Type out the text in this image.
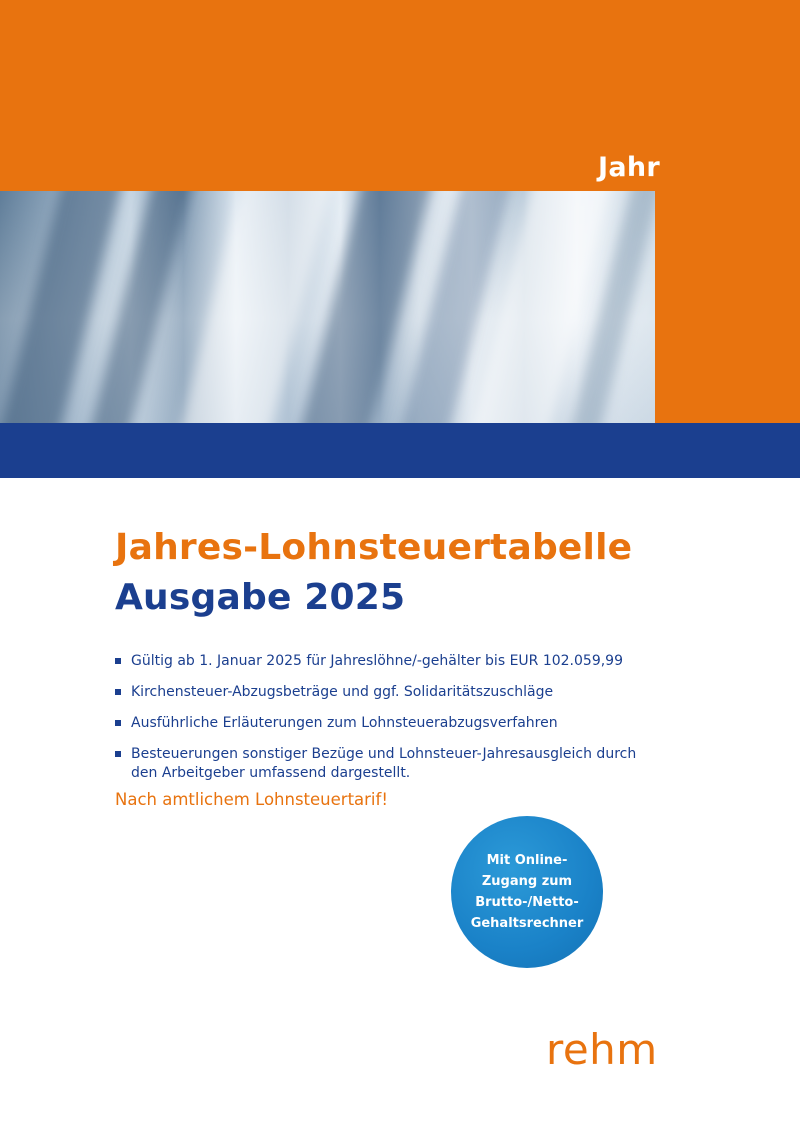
Jahr
Jahres-Lohnsteuertabelle
Ausgabe 2025
Gültig ab 1. Januar 2025 für Jahreslöhne/-gehälter bis EUR 102.059,99
Kirchensteuer-Abzugsbeträge und ggf. Solidaritätszuschläge
Ausführliche Erläuterungen zum Lohnsteuerabzugsverfahren
Besteuerungen sonstiger Bezüge und Lohnsteuer-Jahresausgleich durch den Arbeitgeber umfassend dargestellt.

Nach amtlichem Lohnsteuertarif!

Mit Online-
Zugang zum
Brutto-/Netto-
Gehaltsrechner
rehm
